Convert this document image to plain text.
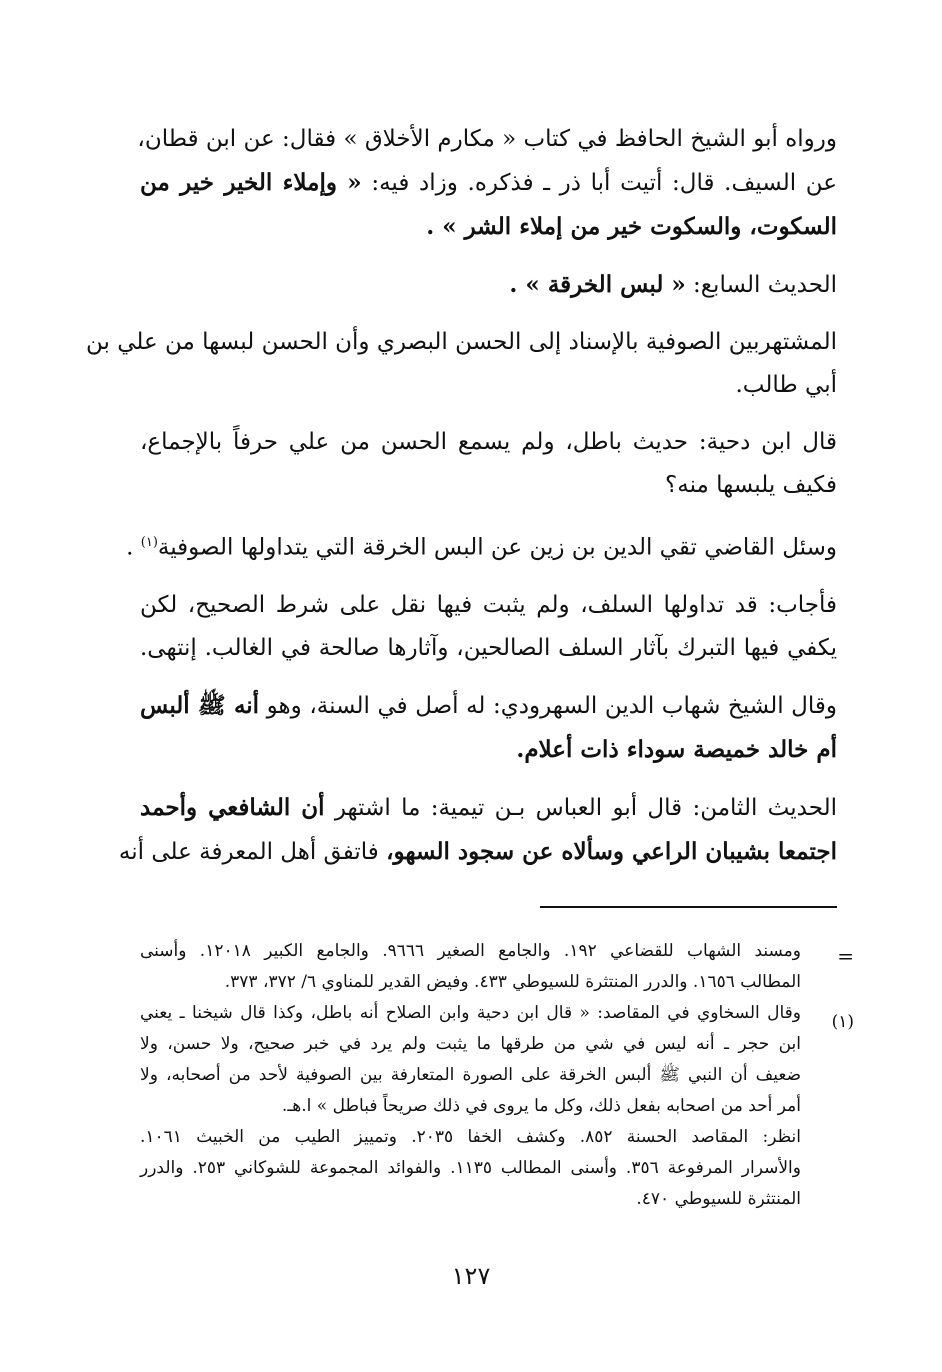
ورواه أبو الشيخ الحافظ في كتاب « مكارم الأخلاق » فقال: عن ابن قطان،

عن السيف. قال: أتيت أبا ذر ـ فذكره. وزاد فيه: « وإملاء الخير خير من

السكوت، والسكوت خير من إملاء الشر » .

الحديث السابع: « لبس الخرقة » .

المشتهربين الصوفية بالإسناد إلى الحسن البصري وأن الحسن لبسها من علي بن

أبي طالب.

قال ابن دحية: حديث باطل، ولم يسمع الحسن من علي حرفاً بالإجماع،

فكيف يلبسها منه؟

وسئل القاضي تقي الدين بن زين عن البس الخرقة التي يتداولها الصوفية$^{(١)}$ .

فأجاب: قد تداولها السلف، ولم يثبت فيها نقل على شرط الصحيح، لكن

يكفي فيها التبرك بآثار السلف الصالحين، وآثارها صالحة في الغالب. إنتهى.

وقال الشيخ شهاب الدين السهرودي: له أصل في السنة، وهو أنه ﷺ ألبس

أم خالد خميصة سوداء ذات أعلام.

الحديث الثامن: قال أبو العباس بـن تيمية: ما اشتهر أن الشافعي وأحمد

اجتمعا بشيبان الراعي وسألاه عن سجود السهو، فاتفق أهل المعرفة على أنه

=
(١)

ومسند الشهاب للقضاعي ١٩٢. والجامع الصغير ٩٦٦٦. والجامع الكبير ١٢٠١٨. وأسنى

المطالب ١٦٥٦. والدرر المنتثرة للسيوطي ٤٣٣. وفيض القدير للمناوي ٦/ ٣٧٢، ٣٧٣.

وقال السخاوي في المقاصد: « قال ابن دحية وابن الصلاح أنه باطل، وكذا قال شيخنا ـ يعني

ابن حجر ـ أنه ليس في شي من طرقها ما يثبت ولم يرد في خبر صحيح، ولا حسن، ولا

ضعيف أن النبي ﷺ ألبس الخرقة على الصورة المتعارفة بين الصوفية لأحد من أصحابه، ولا

أمر أحد من اصحابه بفعل ذلك، وكل ما يروى في ذلك صريحاً فباطل » ا.هـ.

انظر: المقاصد الحسنة ٨٥٢. وكشف الخفا ٢٠٣٥. وتمييز الطيب من الخبيث ١٠٦١.

والأسرار المرفوعة ٣٥٦. وأسنى المطالب ١١٣٥. والفوائد المجموعة للشوكاني ٢٥٣. والدرر

المنتثرة للسيوطي ٤٧٠.

١٢٧
